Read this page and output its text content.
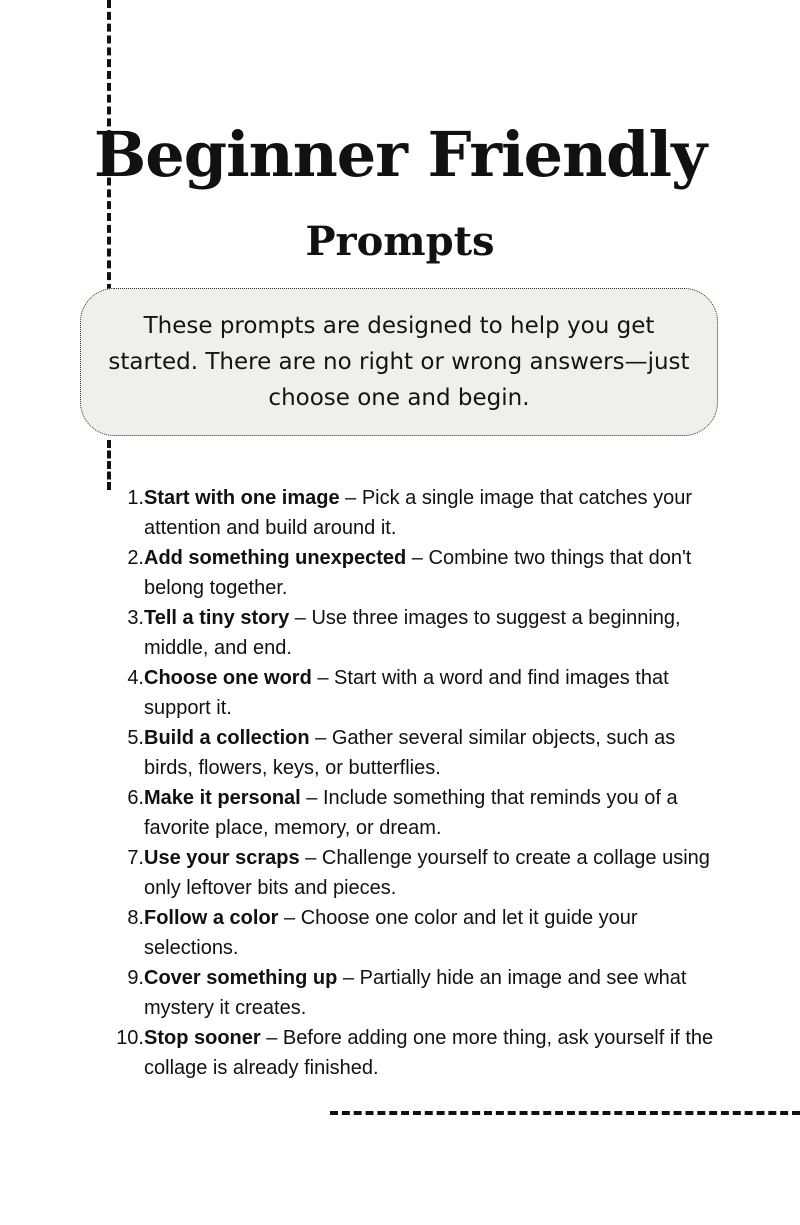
Beginner Friendly
Prompts
These prompts are designed to help you get started. There are no right or wrong answers—just choose one and begin.
1. Start with one image – Pick a single image that catches your attention and build around it.
2. Add something unexpected – Combine two things that don't belong together.
3. Tell a tiny story – Use three images to suggest a beginning, middle, and end.
4. Choose one word – Start with a word and find images that support it.
5. Build a collection – Gather several similar objects, such as birds, flowers, keys, or butterflies.
6. Make it personal – Include something that reminds you of a favorite place, memory, or dream.
7. Use your scraps – Challenge yourself to create a collage using only leftover bits and pieces.
8. Follow a color – Choose one color and let it guide your selections.
9. Cover something up – Partially hide an image and see what mystery it creates.
10. Stop sooner – Before adding one more thing, ask yourself if the collage is already finished.
